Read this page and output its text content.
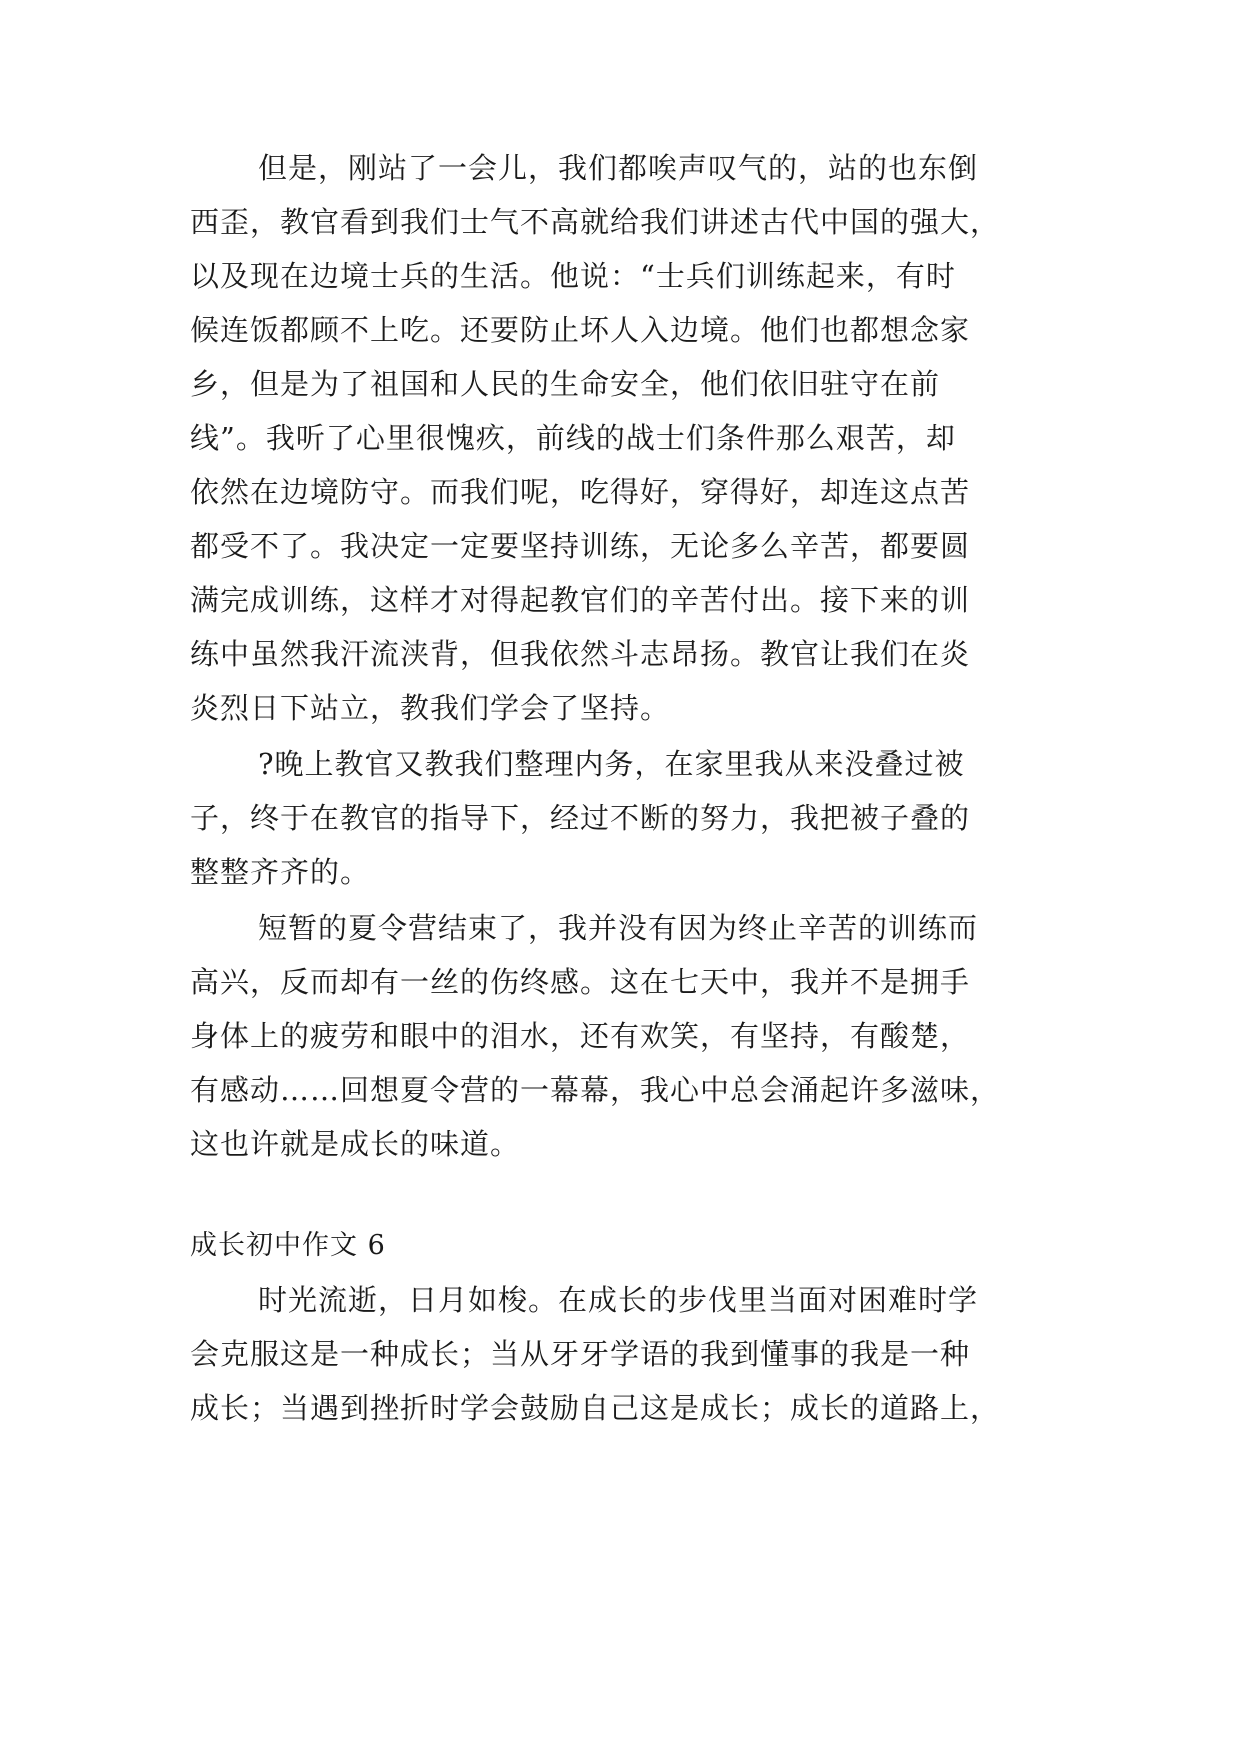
但是，刚站了一会儿，我们都唉声叹气的，站的也东倒
西歪，教官看到我们士气不高就给我们讲述古代中国的强大，
以及现在边境士兵的生活。他说：“士兵们训练起来，有时
候连饭都顾不上吃。还要防止坏人入边境。他们也都想念家
乡，但是为了祖国和人民的生命安全，他们依旧驻守在前
线”。我听了心里很愧疚，前线的战士们条件那么艰苦，却
依然在边境防守。而我们呢，吃得好，穿得好，却连这点苦
都受不了。我决定一定要坚持训练，无论多么辛苦，都要圆
满完成训练，这样才对得起教官们的辛苦付出。接下来的训
练中虽然我汗流浃背，但我依然斗志昂扬。教官让我们在炎
炎烈日下站立，教我们学会了坚持。
?晚上教官又教我们整理内务，在家里我从来没叠过被
子，终于在教官的指导下，经过不断的努力，我把被子叠的
整整齐齐的。
短暂的夏令营结束了，我并没有因为终止辛苦的训练而
高兴，反而却有一丝的伤终感。这在七天中，我并不是拥手
身体上的疲劳和眼中的泪水，还有欢笑，有坚持，有酸楚，
有感动……回想夏令营的一幕幕，我心中总会涌起许多滋味，
这也许就是成长的味道。
成长初中作文 6
时光流逝，日月如梭。在成长的步伐里当面对困难时学
会克服这是一种成长；当从牙牙学语的我到懂事的我是一种
成长；当遇到挫折时学会鼓励自己这是成长；成长的道路上，
